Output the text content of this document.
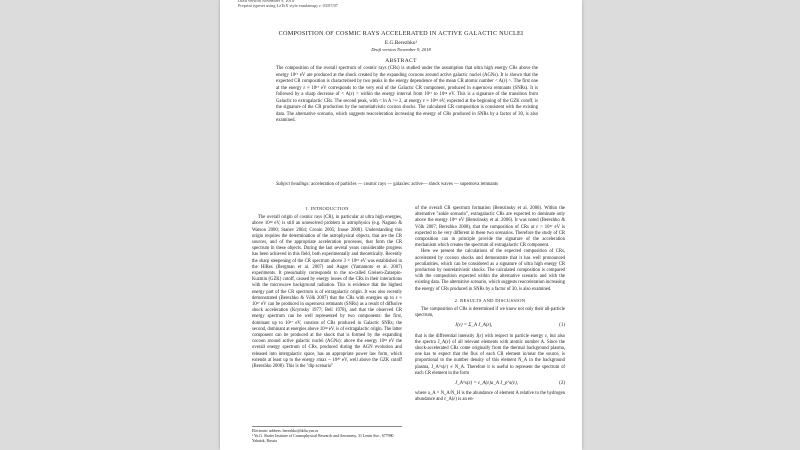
Draft version November 9, 2018
Preprint typeset using LaTeX style emulateapj v. 03/07/07
COMPOSITION OF COSMIC RAYS ACCELERATED IN ACTIVE GALACTIC NUCLEI
E.G.Berezhko¹
Draft version November 9, 2018
ABSTRACT

The composition of the overall spectrum of cosmic rays (CRs) is studied under the assumption that ultra high energy CRs above the energy 10¹⁷ eV are produced at the shock created by the expanding cocoons around active galactic nuclei (AGNs). It is shown that the expected CR composition is characterised by two peaks in the energy dependence of the mean CR atomic number < A(ε) >. The first one at the energy ε ≈ 10¹⁷ eV corresponds to the very end of the Galactic CR component, produced in supernova remnants (SNRs). It is followed by a sharp decrease of < A(ε) > within the energy interval from 10¹⁷ to 10¹⁸ eV. This is a signature of the transition from Galactic to extragalactic CRs. The second peak, with < ln A >≈ 2, at energy ε ≈ 10¹⁹ eV, expected at the beginning of the GZK cutoff, is the signature of the CR production by the nonrelativistic cocoon shocks. The calculated CR composition is consistent with the existing data. The alternative scenario, which suggests reacceleration increasing the energy of CRs produced in SNRs by a factor of 30, is also examined.

Subject headings: acceleration of particles — cosmic rays — galaxies: active— shock waves — supernova remnants

1. INTRODUCTION

The overall origin of cosmic rays (CR), in particular at ultra high energies, above 10¹⁸ eV, is still an unresolved problem in astrophysics (e.g. Nagano & Watson 2000; Stanev 2004; Cronin 2005; Inoue 2008). Understanding this origin requires the determination of the astrophysical objects, that are the CR sources, and of the appropriate acceleration processes, that form the CR spectrum in these objects. During the last several years considerable progress has been achieved in this field, both experimentally and theoretically. Recently the sharp steepening of the CR spectrum above 3 × 10¹⁹ eV was established in the HiRes (Bergman et al. 2007) and Auger (Yamamoto et al. 2007) experiments. It presumably corresponds to the so-called Greisen-Zatsepin-Kuzmin (GZK) cutoff, caused by energy losses of the CRs in their interactions with the microwave background radiation. This is evidence that the highest energy part of the CR spectrum is of extragalactic origin. It was also recently demonstrated (Berezhko & Völk 2007) that the CRs with energies up to ε ≈ 10¹⁷ eV can be produced in supernova remnants (SNRs) as a result of diffusive shock acceleration (Krymsky 1977; Bell 1978), and that the observed CR energy spectrum can be well represented by two components: the first, dominant up to 10¹⁷ eV, consists of CRs produced in Galactic SNRs; the second, dominant at energies above 10¹⁸ eV, is of extragalactic origin. The latter component can be produced at the shock that is formed by the expanding cocoon around active galactic nuclei (AGNs): above the energy 10¹⁸ eV the overall energy spectrum of CRs, produced during the AGN evolution and released into intergalactic space, has an appropriate power law form, which extends at least up to the energy εmax ~ 10²⁰ eV, well above the GZK cutoff (Berezhko 2008). This is the "dip scenario"

Electronic address: berezhko@ikfia.ysn.ru
¹ Yu.G. Shafer Institute of Cosmophysical Research and Aeronomy, 31 Lenin Ave., 677980 Yakutsk, Russia

of the overall CR spectrum formation (Berezinsky et al. 2006). Within the alternative "ankle scenario", extragalactic CRs are expected to dominate only above the energy 10¹⁹ eV (Berezinsky et al. 2006). It was noted (Berezhko & Völk 2007; Berezhko 2008), that the composition of CRs at ε > 10¹⁷ eV is expected to be very different in these two scenarios. Therefore the study of CR composition can in principle provide the signature of the acceleration mechanism which creates the spectrum of extragalactic CR component.

Here we present the calculations of the expected composition of CRs, accelerated by cocoon shocks and demonstrate that it has well pronounced peculiarities, which can be considered as a signature of ultra high energy CR production by nonrelativistic shocks. The calculated composition is compared with the composition expected within the alternative scenario and with the existing data. The alternative scenario, which suggests reacceleration increasing the energy of CRs produced in SNRs by a factor of 30, is also examined.

2. RESULTS AND DISCUSSION

The composition of CRs is determined if we know not only their all-particle spectrum,

J(ε) = Σ_A J_A(ε),	(1)

that is the differential intensity J(ε) with respect to particle energy ε, but also the spectra J_A(ε) of all relevant elements with atomic number A. Since the shock-accelerated CRs come originally from the thermal background plasma, one has to expect that the flux of each CR element in/near the source, is proportional to the number density of this element N_A in the background plasma, J_A^s(ε) ∝ N_A. Therefore it is useful to represent the spectrum of each CR element in the form

J_A^s(ε) = ε_A(ε)a_A J_p^s(ε),	(2)

where a_A = N_A/N_H is the abundance of element A relative to the hydrogen abundance and ε_A(ε) is an en-
